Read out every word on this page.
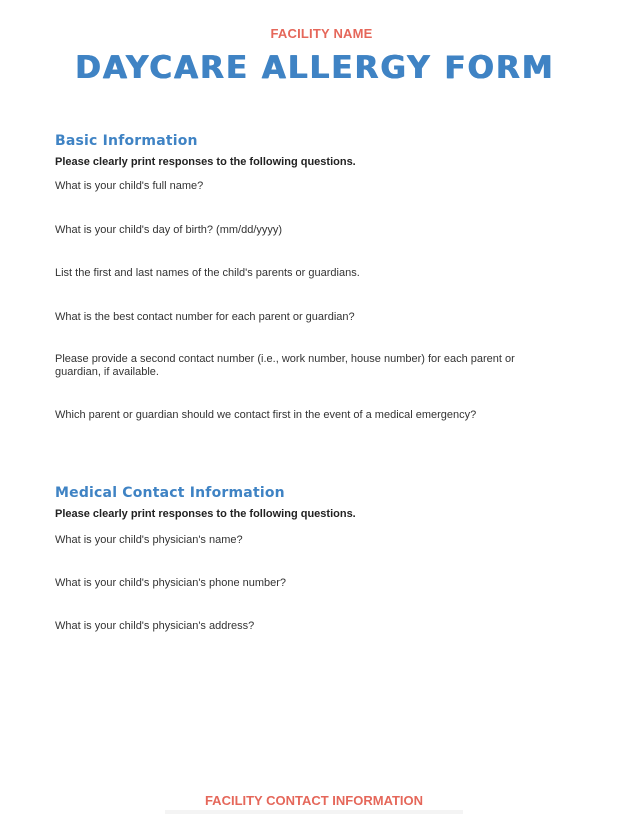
FACILITY NAME
DAYCARE ALLERGY FORM
Basic Information
Please clearly print responses to the following questions.
What is your child's full name?
What is your child's day of birth? (mm/dd/yyyy)
List the first and last names of the child's parents or guardians.
What is the best contact number for each parent or guardian?
Please provide a second contact number (i.e., work number, house number) for each parent or guardian, if available.
Which parent or guardian should we contact first in the event of a medical emergency?
Medical Contact Information
Please clearly print responses to the following questions.
What is your child's physician's name?
What is your child's physician's phone number?
What is your child's physician's address?
FACILITY CONTACT INFORMATION
